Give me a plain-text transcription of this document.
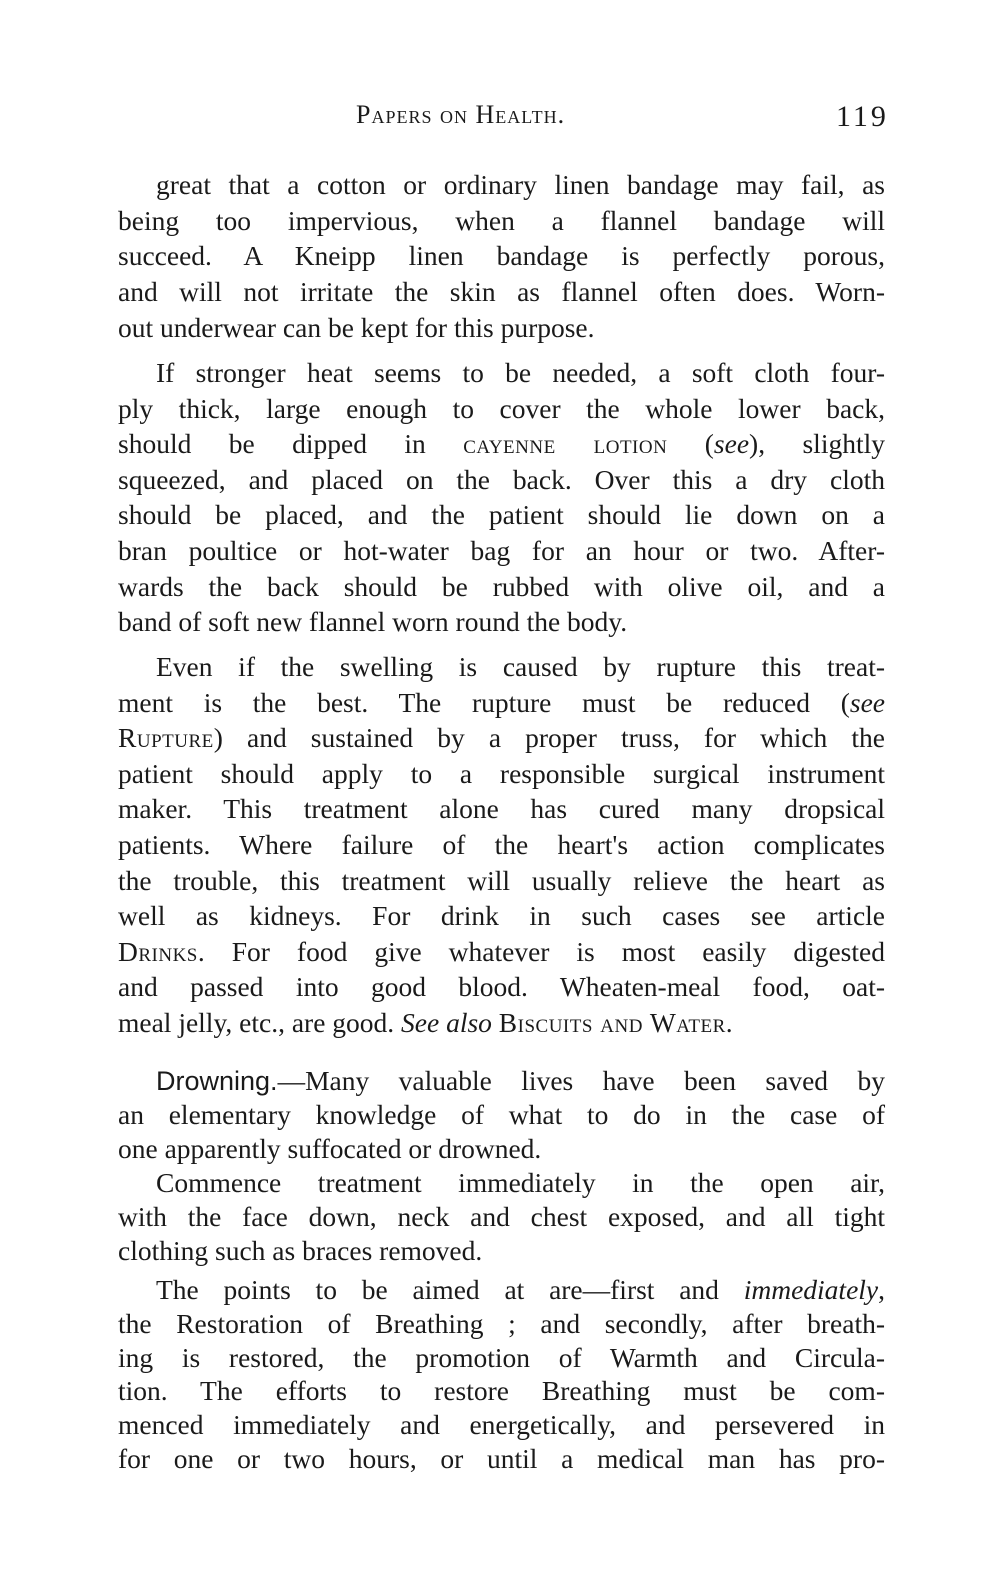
Papers on Health.	119
great that a cotton or ordinary linen bandage may fail, as
being too impervious, when a flannel bandage will
succeed. A Kneipp linen bandage is perfectly porous,
and will not irritate the skin as flannel often does. Worn-
out underwear can be kept for this purpose.
If stronger heat seems to be needed, a soft cloth four-
ply thick, large enough to cover the whole lower back,
should be dipped in cayenne lotion (see), slightly
squeezed, and placed on the back. Over this a dry cloth
should be placed, and the patient should lie down on a
bran poultice or hot-water bag for an hour or two. After-
wards the back should be rubbed with olive oil, and a
band of soft new flannel worn round the body.
Even if the swelling is caused by rupture this treat-
ment is the best. The rupture must be reduced (see
Rupture) and sustained by a proper truss, for which the
patient should apply to a responsible surgical instrument
maker. This treatment alone has cured many dropsical
patients. Where failure of the heart's action complicates
the trouble, this treatment will usually relieve the heart as
well as kidneys. For drink in such cases see article
Drinks. For food give whatever is most easily digested
and passed into good blood. Wheaten-meal food, oat-
meal jelly, etc., are good. See also Biscuits and Water.
Drowning.—Many valuable lives have been saved by
an elementary knowledge of what to do in the case of
one apparently suffocated or drowned.
Commence treatment immediately in the open air,
with the face down, neck and chest exposed, and all tight
clothing such as braces removed.
The points to be aimed at are—first and immediately,
the Restoration of Breathing ; and secondly, after breath-
ing is restored, the promotion of Warmth and Circula-
tion. The efforts to restore Breathing must be com-
menced immediately and energetically, and persevered in
for one or two hours, or until a medical man has pro-
